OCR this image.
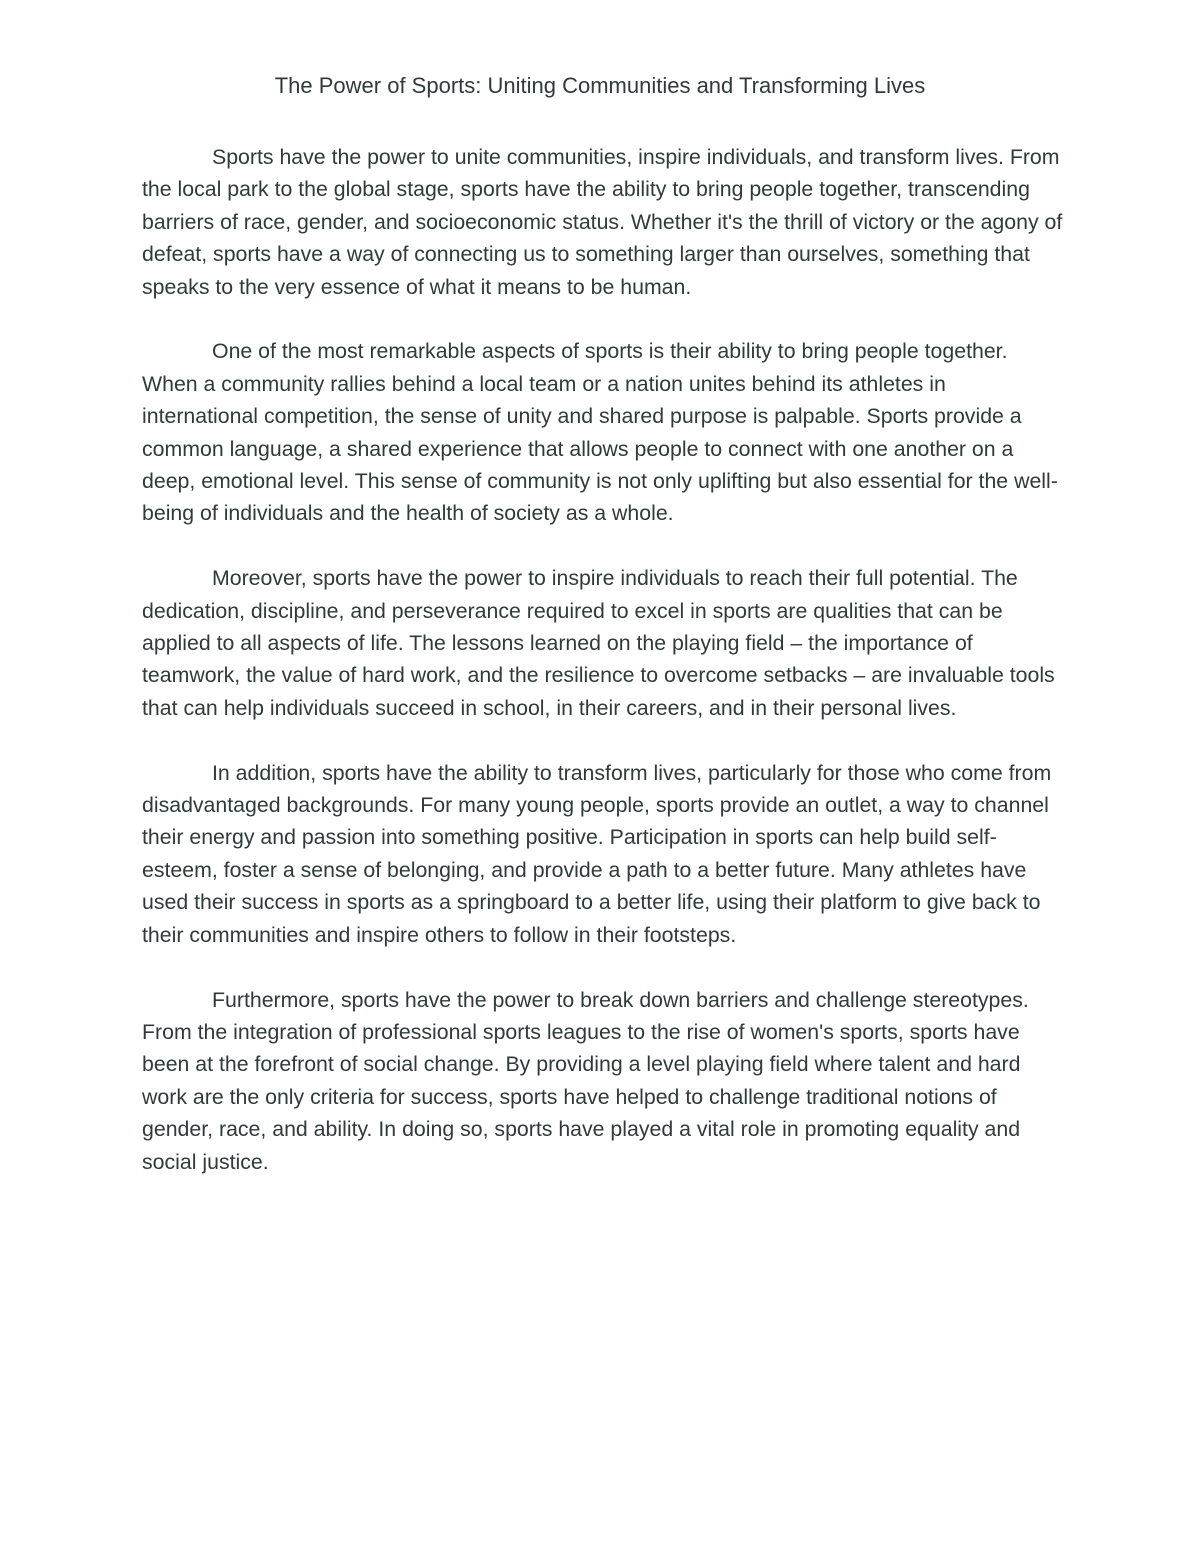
The Power of Sports: Uniting Communities and Transforming Lives

Sports have the power to unite communities, inspire individuals, and transform lives. From the local park to the global stage, sports have the ability to bring people together, transcending barriers of race, gender, and socioeconomic status. Whether it's the thrill of victory or the agony of defeat, sports have a way of connecting us to something larger than ourselves, something that speaks to the very essence of what it means to be human.

One of the most remarkable aspects of sports is their ability to bring people together. When a community rallies behind a local team or a nation unites behind its athletes in international competition, the sense of unity and shared purpose is palpable. Sports provide a common language, a shared experience that allows people to connect with one another on a deep, emotional level. This sense of community is not only uplifting but also essential for the well-being of individuals and the health of society as a whole.

Moreover, sports have the power to inspire individuals to reach their full potential. The dedication, discipline, and perseverance required to excel in sports are qualities that can be applied to all aspects of life. The lessons learned on the playing field – the importance of teamwork, the value of hard work, and the resilience to overcome setbacks – are invaluable tools that can help individuals succeed in school, in their careers, and in their personal lives.

In addition, sports have the ability to transform lives, particularly for those who come from disadvantaged backgrounds. For many young people, sports provide an outlet, a way to channel their energy and passion into something positive. Participation in sports can help build self-esteem, foster a sense of belonging, and provide a path to a better future. Many athletes have used their success in sports as a springboard to a better life, using their platform to give back to their communities and inspire others to follow in their footsteps.

Furthermore, sports have the power to break down barriers and challenge stereotypes. From the integration of professional sports leagues to the rise of women's sports, sports have been at the forefront of social change. By providing a level playing field where talent and hard work are the only criteria for success, sports have helped to challenge traditional notions of gender, race, and ability. In doing so, sports have played a vital role in promoting equality and social justice.
